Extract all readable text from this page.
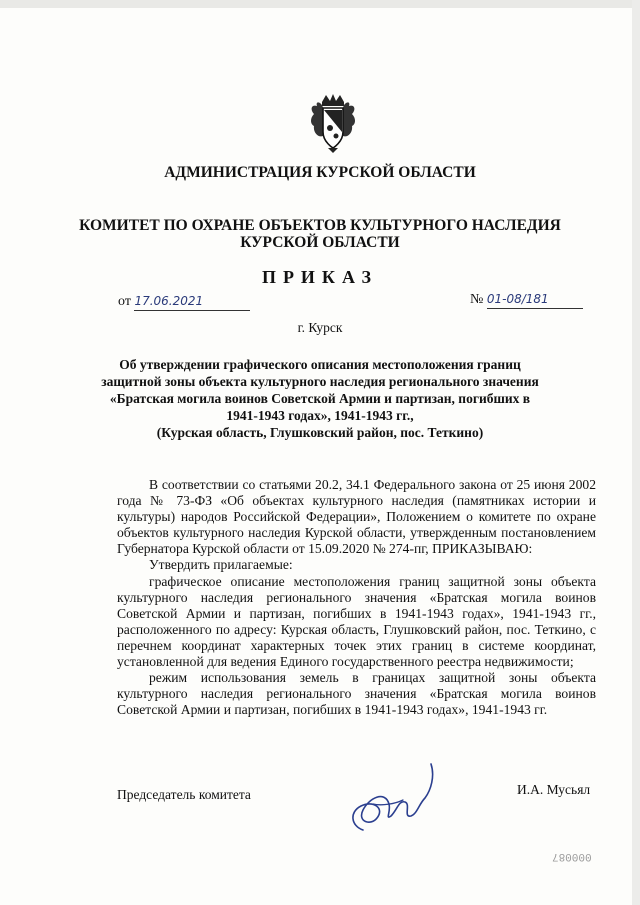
АДМИНИСТРАЦИЯ КУРСКОЙ ОБЛАСТИ
КОМИТЕТ ПО ОХРАНЕ ОБЪЕКТОВ КУЛЬТУРНОГО НАСЛЕДИЯ
КУРСКОЙ ОБЛАСТИ
ПРИКАЗ
от 17.06.2021	№ 01-08/181
г. Курск
Об утверждении графического описания местоположения границ
защитной зоны объекта культурного наследия регионального значения
«Братская могила воинов Советской Армии и партизан, погибших в
1941-1943 годах», 1941-1943 гг.,
(Курская область, Глушковский район, пос. Теткино)

В соответствии со статьями 20.2, 34.1 Федерального закона от 25 июня 2002 года № 73-ФЗ «Об объектах культурного наследия (памятниках истории и культуры) народов Российской Федерации», Положением о комитете по охране объектов культурного наследия Курской области, утвержденным постановлением Губернатора Курской области от 15.09.2020 № 274-пг, ПРИКАЗЫВАЮ:

Утвердить прилагаемые:

графическое описание местоположения границ защитной зоны объекта культурного наследия регионального значения «Братская могила воинов Советской Армии и партизан, погибших в 1941-1943 годах», 1941-1943 гг., расположенного по адресу: Курская область, Глушковский район, пос. Теткино, с перечнем координат характерных точек этих границ в системе координат, установленной для ведения Единого государственного реестра недвижимости;

режим использования земель в границах защитной зоны объекта культурного наследия регионального значения «Братская могила воинов Советской Армии и партизан, погибших в 1941-1943 годах», 1941-1943 гг.

Председатель комитета	И.А. Мусьял
000087
